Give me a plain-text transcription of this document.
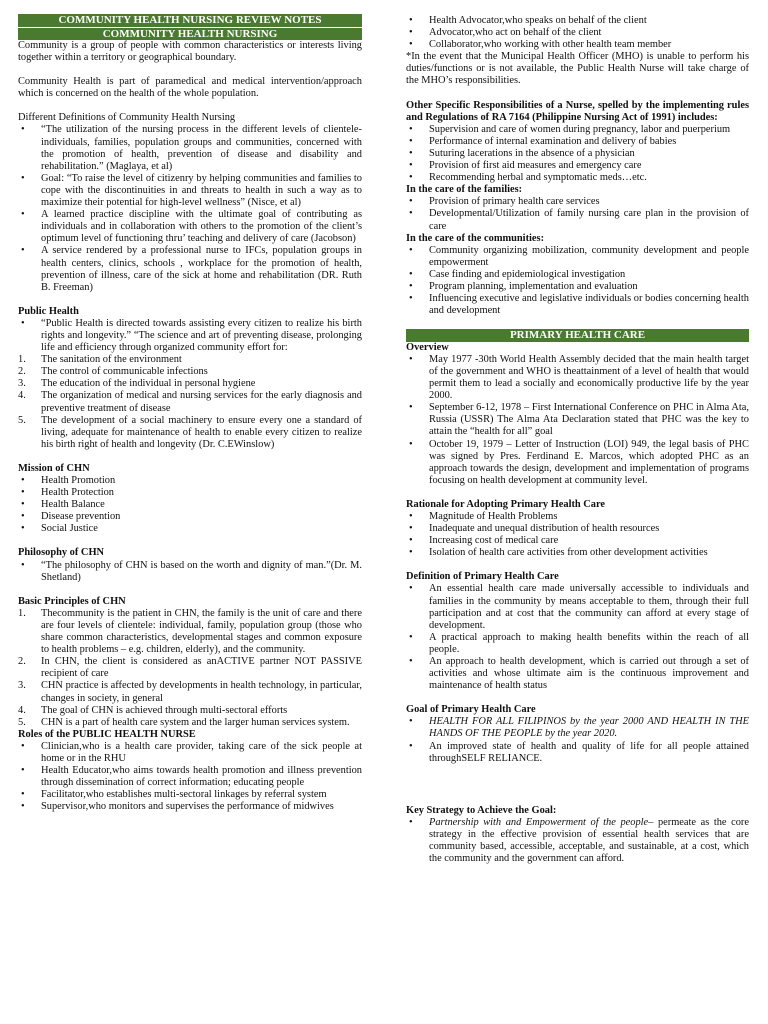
COMMUNITY HEALTH NURSING REVIEW NOTES
COMMUNITY HEALTH NURSING

Community is a group of people with common characteristics or interests living together within a territory or geographical boundary.

Community Health is part of paramedical and medical intervention/approach which is concerned on the health of the whole population.

Different Definitions of Community Health Nursing

• “The utilization of the nursing process in the different levels of clientele-individuals, families, population groups and communities, concerned with the promotion of health, prevention of disease and disability and rehabilitation.” (Maglaya, et al)
• Goal: “To raise the level of citizenry by helping communities and families to cope with the discontinuities in and threats to health in such a way as to maximize their potential for high-level wellness” (Nisce, et al)
• A learned practice discipline with the ultimate goal of contributing as individuals and in collaboration with others to the promotion of the client’s optimum level of functioning thru’ teaching and delivery of care (Jacobson)
• A service rendered by a professional nurse to IFCs, population groups in health centers, clinics, schools , workplace for the promotion of health, prevention of illness, care of the sick at home and rehabilitation (DR. Ruth B. Freeman)

Public Health

• “Public Health is directed towards assisting every citizen to realize his birth rights and longevity.” “The science and art of preventing disease, prolonging life and efficiency through organized community effort for:
1. The sanitation of the environment
2. The control of communicable infections
3. The education of the individual in personal hygiene
4. The organization of medical and nursing services for the early diagnosis and preventive treatment of disease
5. The development of a social machinery to ensure every one a standard of living, adequate for maintenance of health to enable every citizen to realize his birth right of health and longevity (Dr. C.EWinslow)

Mission of CHN

• Health Promotion
• Health Protection
• Health Balance
• Disease prevention
• Social Justice

Philosophy of CHN

• “The philosophy of CHN is based on the worth and dignity of man.”(Dr. M. Shetland)

Basic Principles of CHN

1. Thecommunity is the patient in CHN, the family is the unit of care and there are four levels of clientele: individual, family, population group (those who share common characteristics, developmental stages and common exposure to health problems – e.g. children, elderly), and the community.
2. In CHN, the client is considered as anACTIVE partner NOT PASSIVE recipient of care
3. CHN practice is affected by developments in health technology, in particular, changes in society, in general
4. The goal of CHN is achieved through multi-sectoral efforts
5. CHN is a part of health care system and the larger human services system.

Roles of the PUBLIC HEALTH NURSE

• Clinician,who is a health care provider, taking care of the sick people at home or in the RHU
• Health Educator,who aims towards health promotion and illness prevention through dissemination of correct information; educating people
• Facilitator,who establishes multi-sectoral linkages by referral system
• Supervisor,who monitors and supervises the performance of midwives
• Health Advocator,who speaks on behalf of the client
• Advocator,who act on behalf of the client
• Collaborator,who working with other health team member

*In the event that the Municipal Health Officer (MHO) is unable to perform his duties/functions or is not available, the Public Health Nurse will take charge of the MHO’s responsibilities.

Other Specific Responsibilities of a Nurse, spelled by the implementing rules and Regulations of RA 7164 (Philippine Nursing Act of 1991) includes:

• Supervision and care of women during pregnancy, labor and puerperium
• Performance of internal examination and delivery of babies
• Suturing lacerations in the absence of a physician
• Provision of first aid measures and emergency care
• Recommending herbal and symptomatic meds…etc.

In the care of the families:

• Provision of primary health care services
• Developmental/Utilization of family nursing care plan in the provision of care

In the care of the communities:

• Community organizing mobilization, community development and people empowerment
• Case finding and epidemiological investigation
• Program planning, implementation and evaluation
• Influencing executive and legislative individuals or bodies concerning health and development
PRIMARY HEALTH CARE

Overview

• May 1977 -30th World Health Assembly decided that the main health target of the government and WHO is theattainment of a level of health that would permit them to lead a socially and economically productive life by the year 2000.
• September 6-12, 1978 – First International Conference on PHC in Alma Ata, Russia (USSR) The Alma Ata Declaration stated that PHC was the key to attain the “health for all” goal
• October 19, 1979 – Letter of Instruction (LOI) 949, the legal basis of PHC was signed by Pres. Ferdinand E. Marcos, which adopted PHC as an approach towards the design, development and implementation of programs focusing on health development at community level.

Rationale for Adopting Primary Health Care

• Magnitude of Health Problems
• Inadequate and unequal distribution of health resources
• Increasing cost of medical care
• Isolation of health care activities from other development activities

Definition of Primary Health Care

• An essential health care made universally accessible to individuals and families in the community by means acceptable to them, through their full participation and at cost that the community can afford at every stage of development.
• A practical approach to making health benefits within the reach of all people.
• An approach to health development, which is carried out through a set of activities and whose ultimate aim is the continuous improvement and maintenance of health status

Goal of Primary Health Care

• HEALTH FOR ALL FILIPINOS by the year 2000 AND HEALTH IN THE HANDS OF THE PEOPLE by the year 2020.
• An improved state of health and quality of life for all people attained throughSELF RELIANCE.

Key Strategy to Achieve the Goal:

• Partnership with and Empowerment of the people– permeate as the core strategy in the effective provision of essential health services that are community based, accessible, acceptable, and sustainable, at a cost, which the community and the government can afford.
